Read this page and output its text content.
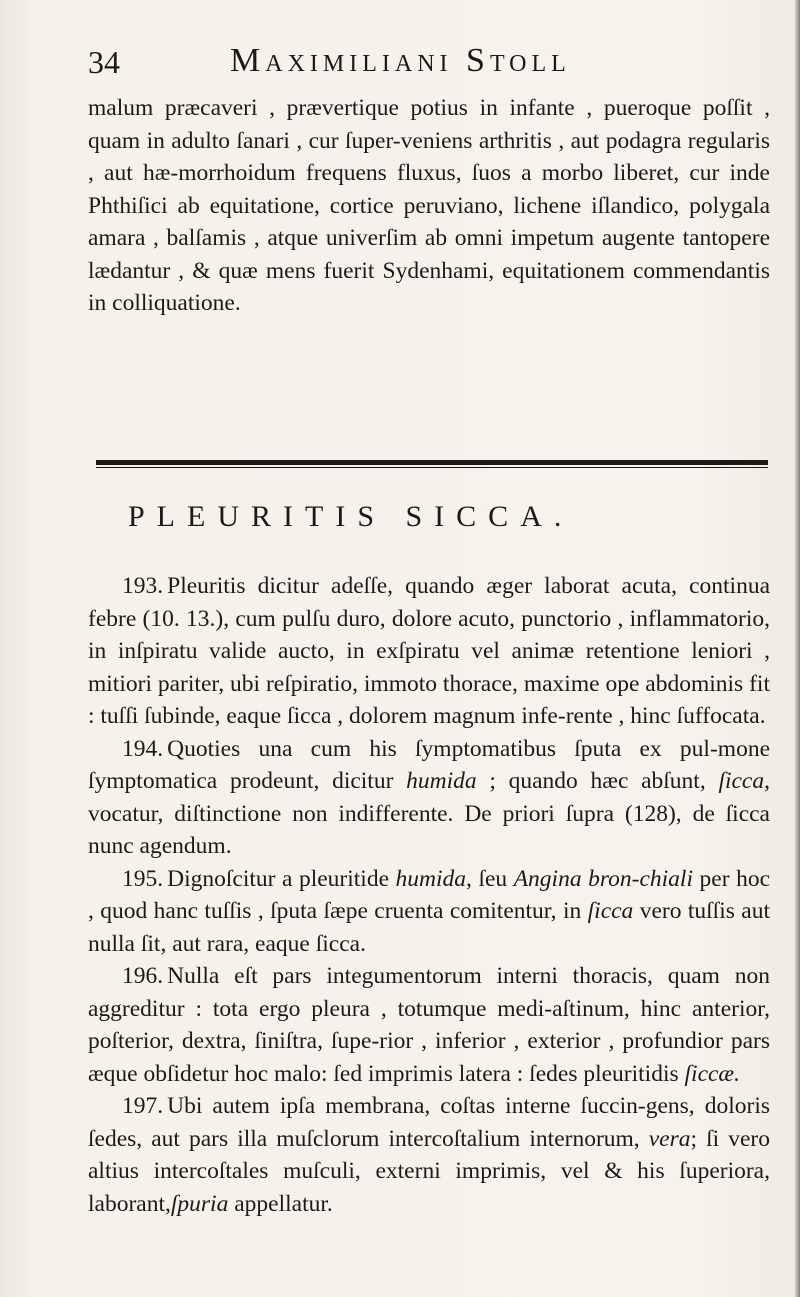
34	Maximiliani Stoll

malum præcaveri , prævertique potius in infante , pueroque poſſit , quam in adulto ſanari , cur ſuper-veniens arthritis , aut podagra regularis , aut hæ-morrhoidum frequens fluxus, ſuos a morbo liberet, cur inde Phthiſici ab equitatione, cortice peruviano, lichene iſlandico, polygala amara , balſamis , atque univerſim ab omni impetum augente tantopere lædantur , & quæ mens fuerit Sydenhami, equitationem commendantis in colliquatione.

PLEURITIS SICCA.

193. Pleuritis dicitur adeſſe, quando æger laborat acuta, continua febre (10. 13.), cum pulſu duro, dolore acuto, punctorio , inflammatorio, in inſpiratu valide aucto, in exſpiratu vel animæ retentione leniori , mitiori pariter, ubi reſpiratio, immoto thorace, maxime ope abdominis fit : tuſſi ſubinde, eaque ſicca , dolorem magnum infe-rente , hinc ſuffocata.

194. Quoties una cum his ſymptomatibus ſputa ex pul-mone ſymptomatica prodeunt, dicitur humida ; quando hæc abſunt, ſicca, vocatur, diſtinctione non indifferente. De priori ſupra (128), de ſicca nunc agendum.

195. Dignoſcitur a pleuritide humida, ſeu Angina bron-chiali per hoc , quod hanc tuſſis , ſputa ſæpe cruenta comitentur, in ſicca vero tuſſis aut nulla ſit, aut rara, eaque ſicca.

196. Nulla eſt pars integumentorum interni thoracis, quam non aggreditur : tota ergo pleura , totumque medi-aſtinum, hinc anterior, poſterior, dextra, ſiniſtra, ſupe-rior , inferior , exterior , profundior pars æque obſidetur hoc malo: ſed imprimis latera : ſedes pleuritidis ſiccæ.

197. Ubi autem ipſa membrana, coſtas interne ſuccin-gens, doloris ſedes, aut pars illa muſclorum intercoſtalium internorum, vera; ſi vero altius intercoſtales muſculi, externi imprimis, vel & his ſuperiora, laborant,ſpuria appellatur.
